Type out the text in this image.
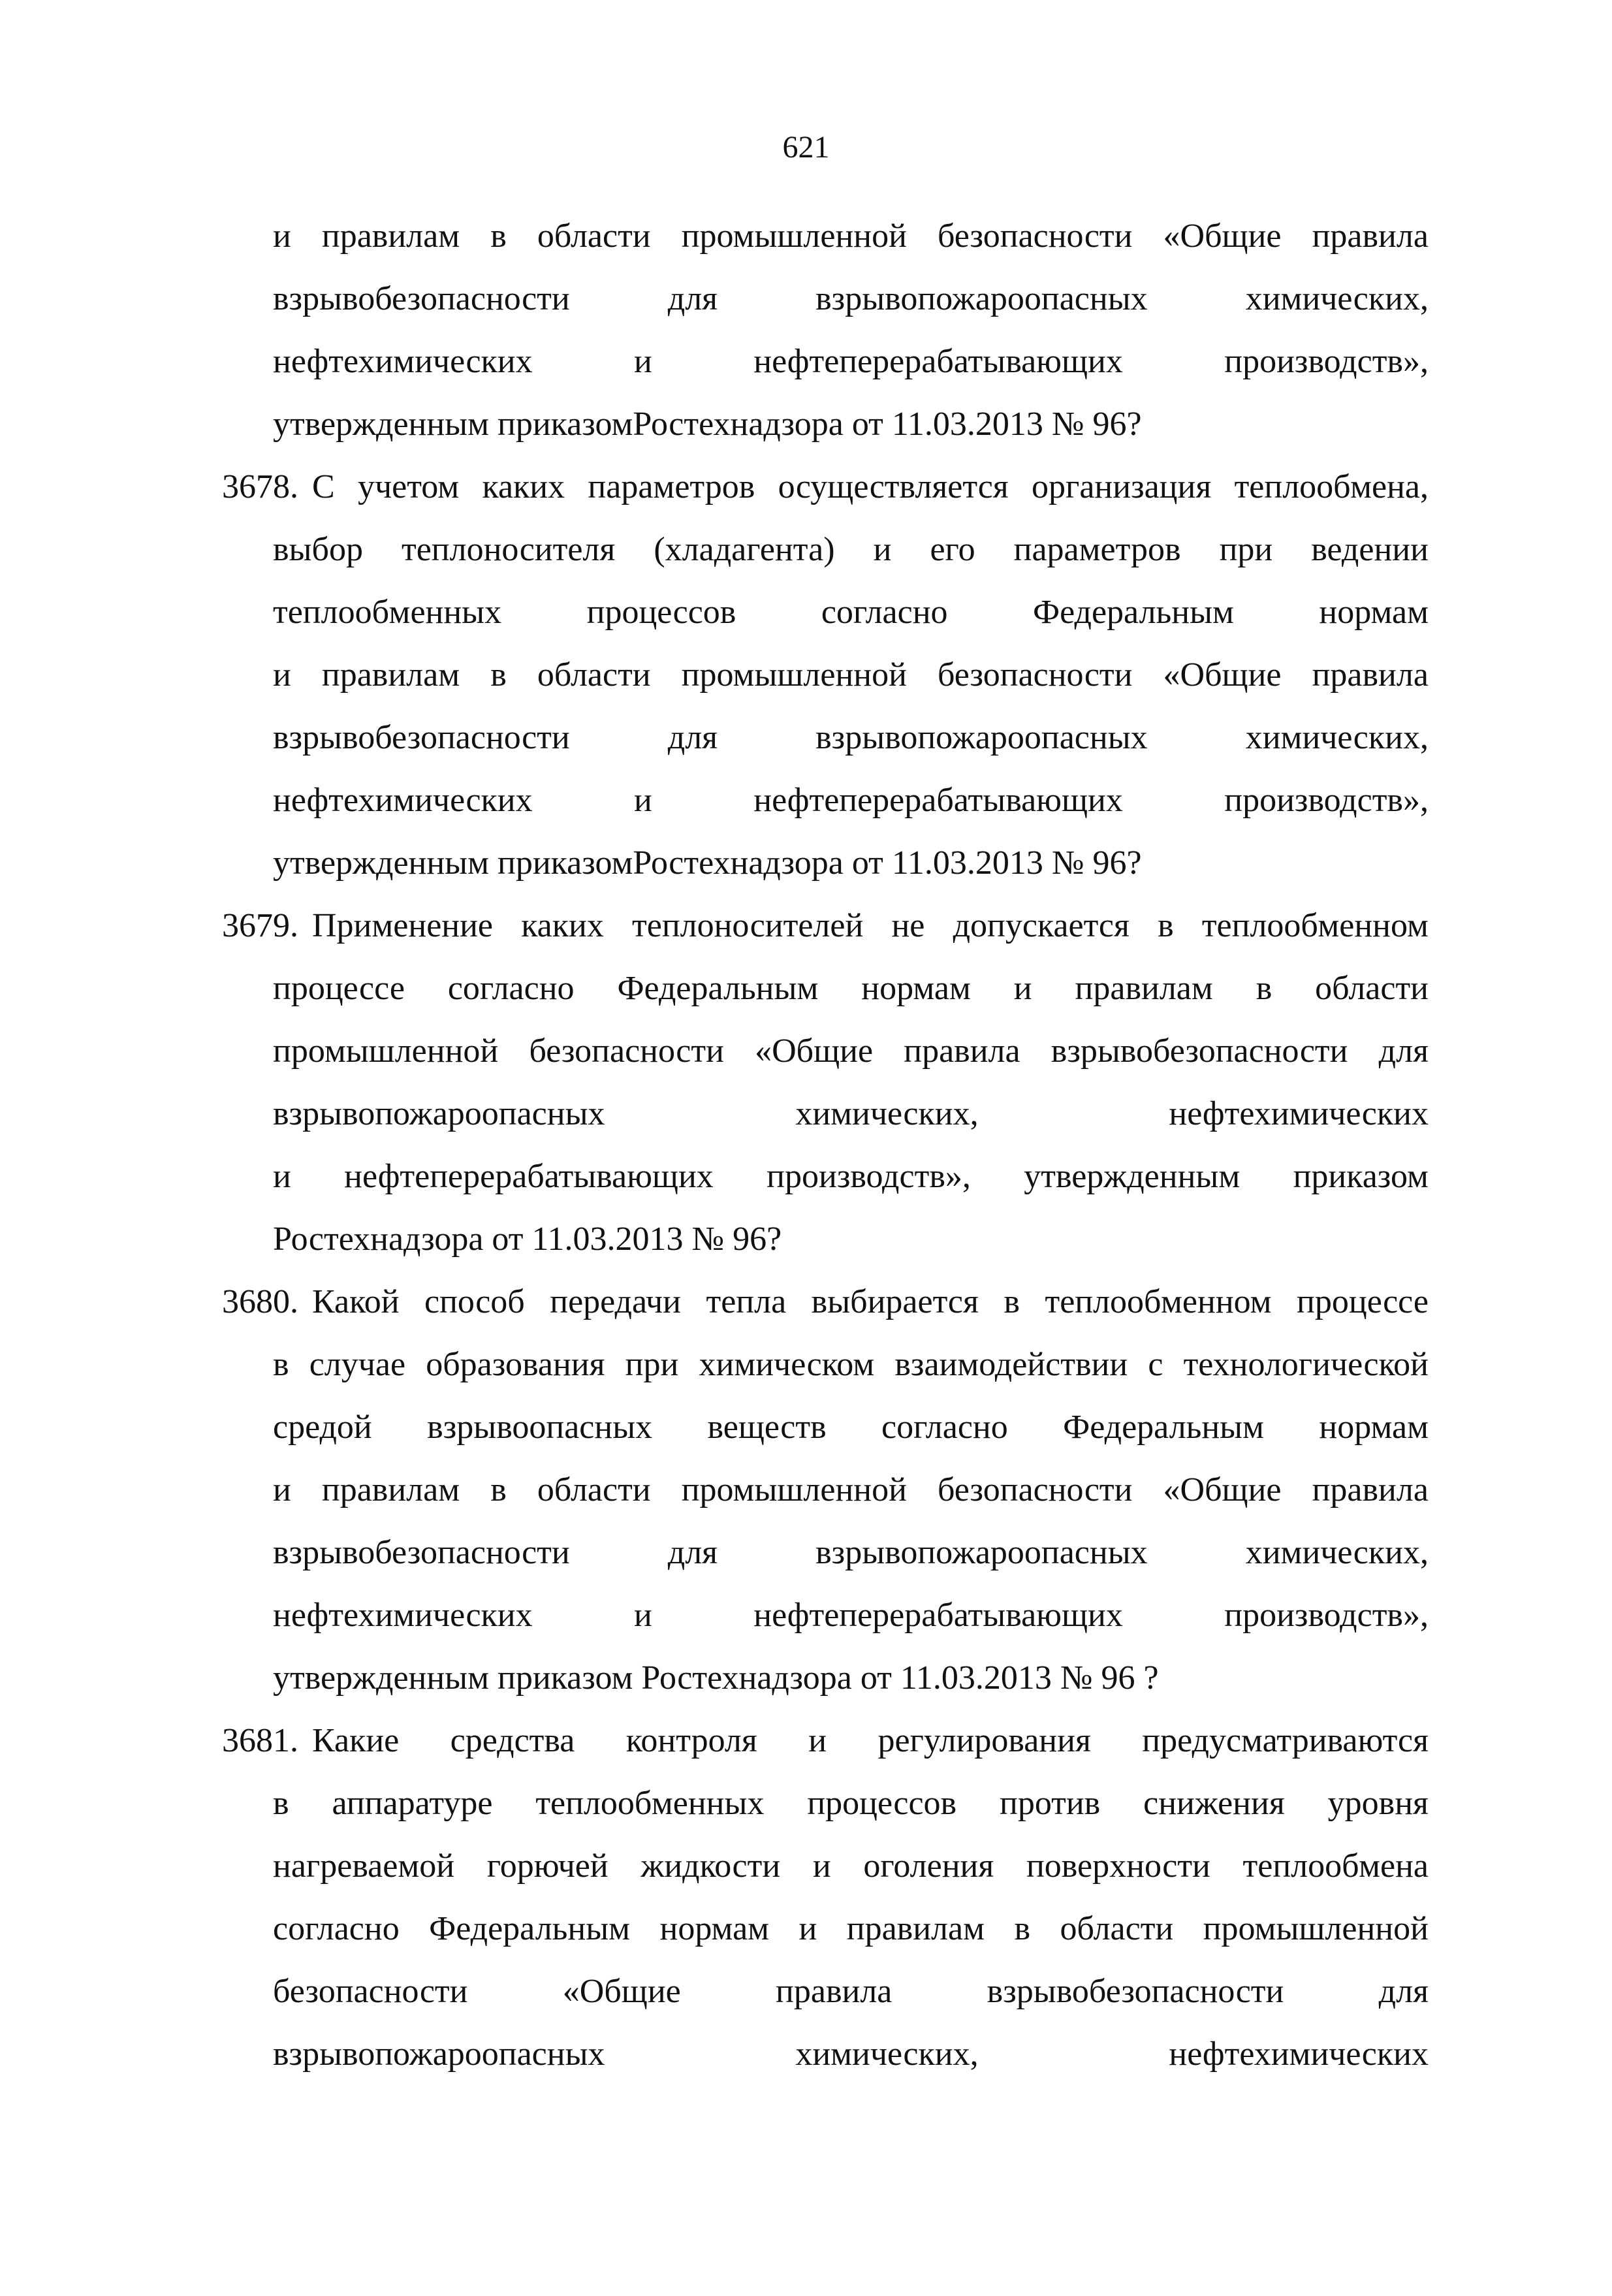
621
и правилам в области промышленной безопасности «Общие правила
взрывобезопасности	для	взрывопожароопасных	химических,
нефтехимических	и	нефтеперерабатывающих	производств»,
утвержденным приказомРостехнадзора от 11.03.2013 № 96?
3678. С учетом каких параметров осуществляется организация теплообмена,
выбор теплоносителя (хладагента) и его параметров при ведении
теплообменных	процессов	согласно	Федеральным	нормам
и правилам в области промышленной безопасности «Общие правила
взрывобезопасности	для	взрывопожароопасных	химических,
нефтехимических	и	нефтеперерабатывающих	производств»,
утвержденным приказомРостехнадзора от 11.03.2013 № 96?
3679. Применение каких теплоносителей не допускается в теплообменном
процессе согласно Федеральным нормам и правилам в области
промышленной безопасности «Общие правила взрывобезопасности для
взрывопожароопасных	химических,	нефтехимических
и нефтеперерабатывающих производств», утвержденным приказом
Ростехнадзора от 11.03.2013 № 96?
3680. Какой способ передачи тепла выбирается в теплообменном процессе
в случае образования при химическом взаимодействии с технологической
средой взрывоопасных веществ согласно Федеральным нормам
и правилам в области промышленной безопасности «Общие правила
взрывобезопасности	для	взрывопожароопасных	химических,
нефтехимических	и	нефтеперерабатывающих	производств»,
утвержденным приказом Ростехнадзора от 11.03.2013 № 96 ?
3681. Какие средства контроля и регулирования предусматриваются
в аппаратуре теплообменных процессов против снижения уровня
нагреваемой горючей жидкости и оголения поверхности теплообмена
согласно Федеральным нормам и правилам в области промышленной
безопасности	«Общие	правила	взрывобезопасности	для
взрывопожароопасных	химических,	нефтехимических
